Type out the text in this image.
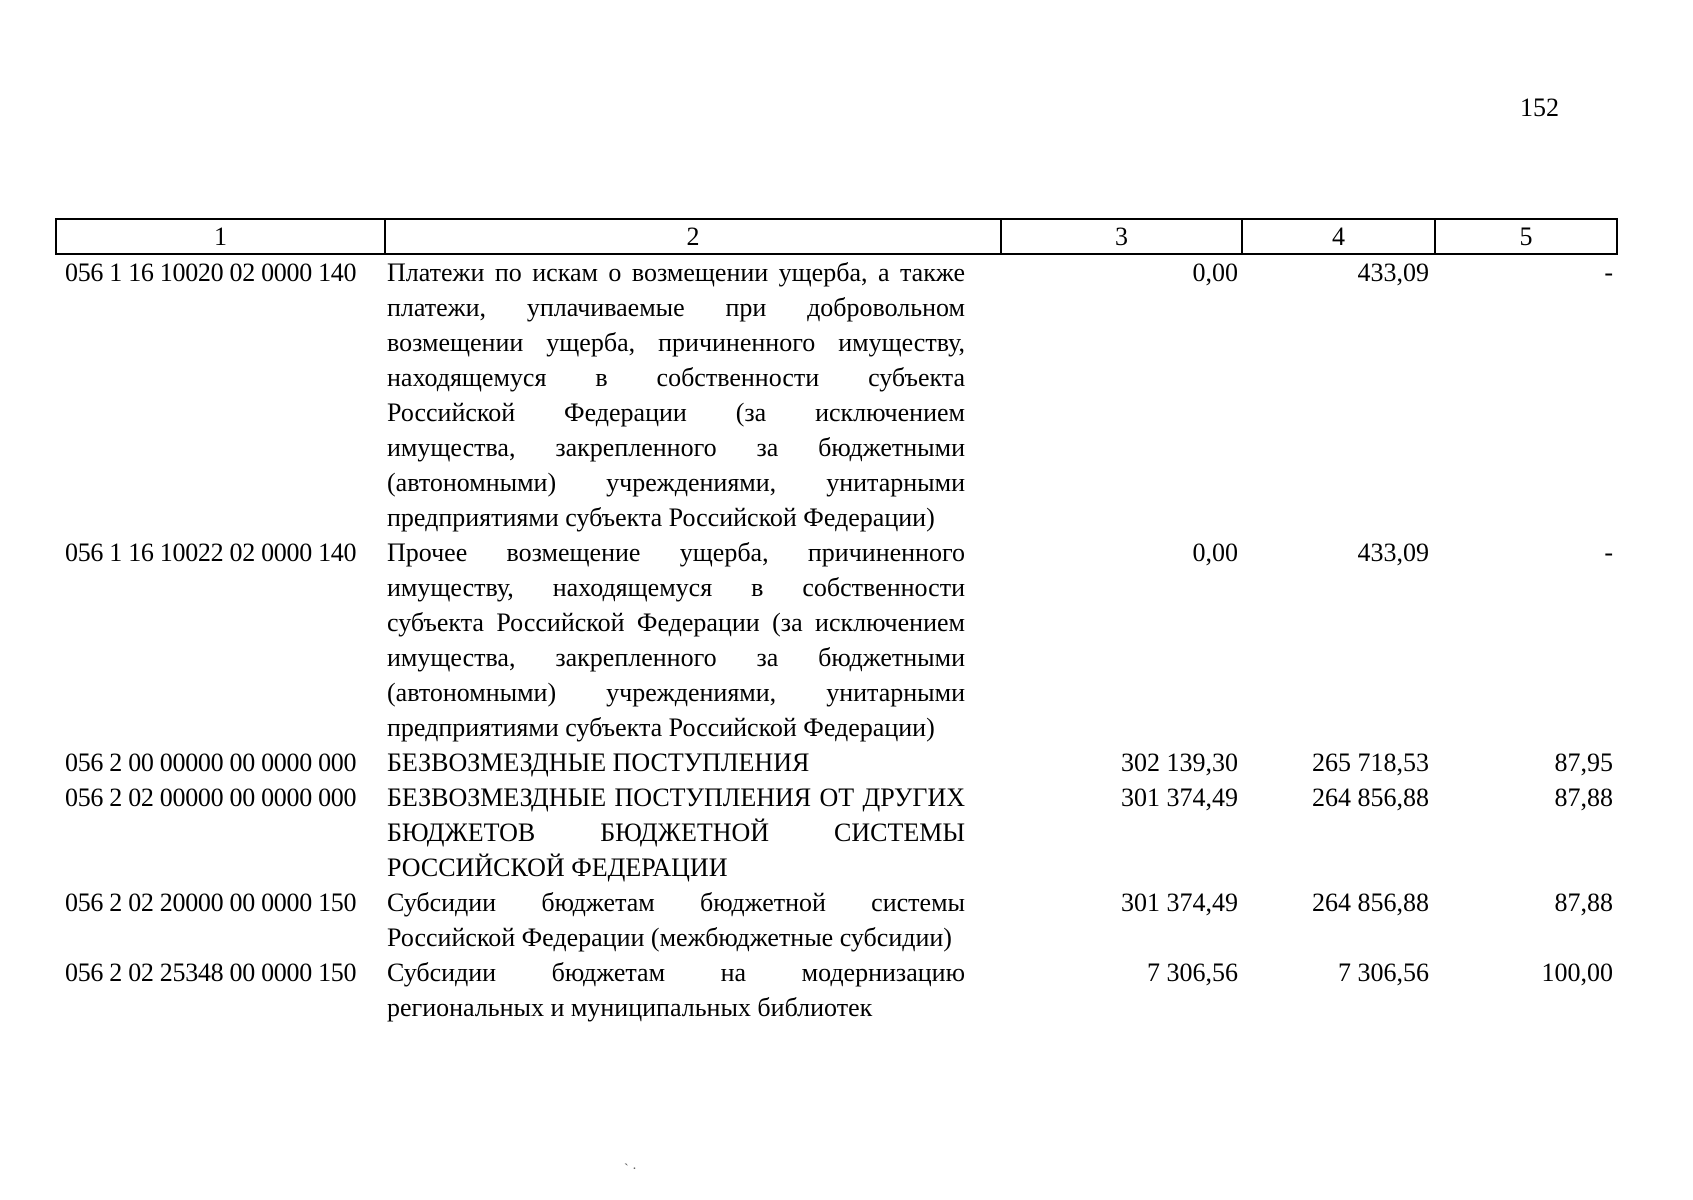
152
1	2	3	4	5
056 1 16 10020 02 0000 140	Платежи по искам о возмещении ущерба, а также платежи, уплачиваемые при добровольном возмещении ущерба, причиненного имуществу, находящемуся в собственности субъекта Российской Федерации (за исключением имущества, закрепленного за бюджетными (автономными) учреждениями, унитарными предприятиями субъекта Российской Федерации)	0,00	433,09	-
056 1 16 10022 02 0000 140	Прочее возмещение ущерба, причиненного имуществу, находящемуся в собственности субъекта Российской Федерации (за исключением имущества, закрепленного за бюджетными (автономными) учреждениями, унитарными предприятиями субъекта Российской Федерации)	0,00	433,09	-
056 2 00 00000 00 0000 000	БЕЗВОЗМЕЗДНЫЕ ПОСТУПЛЕНИЯ	302 139,30	265 718,53	87,95
056 2 02 00000 00 0000 000	БЕЗВОЗМЕЗДНЫЕ ПОСТУПЛЕНИЯ ОТ ДРУГИХ БЮДЖЕТОВ БЮДЖЕТНОЙ СИСТЕМЫ РОССИЙСКОЙ ФЕДЕРАЦИИ	301 374,49	264 856,88	87,88
056 2 02 20000 00 0000 150	Субсидии бюджетам бюджетной системы Российской Федерации (межбюджетные субсидии)	301 374,49	264 856,88	87,88
056 2 02 25348 00 0000 150	Субсидии бюджетам на модернизацию региональных и муниципальных библиотек	7 306,56	7 306,56	100,00
` ·
